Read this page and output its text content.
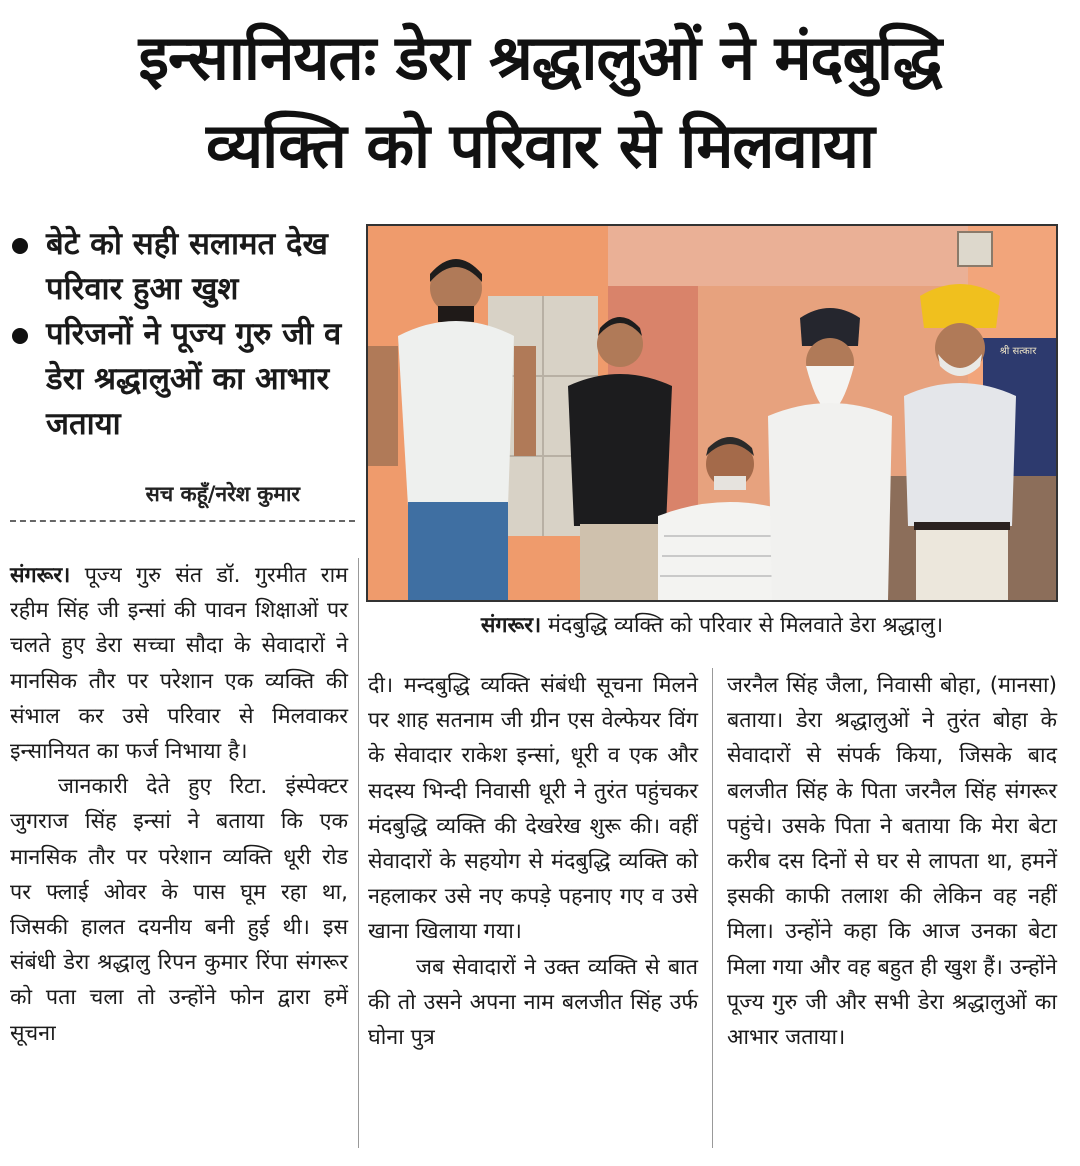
इन्सानियतः डेरा श्रद्धालुओं ने मंदबुद्धि
व्यक्ति को परिवार से मिलवाया
बेटे को सही सलामत देख परिवार हुआ खुश
परिजनों ने पूज्य गुरु जी व डेरा श्रद्धालुओं का आभार जताया
सच कहूँ/नरेश कुमार
श्री सत्कार
संगरूर। मंदबुद्धि व्यक्ति को परिवार से मिलवाते डेरा श्रद्धालु।

संगरूर। पूज्य गुरु संत डॉ. गुरमीत राम रहीम सिंह जी इन्सां की पावन शिक्षाओं पर चलते हुए डेरा सच्चा सौदा के सेवादारों ने मानसिक तौर पर परेशान एक व्यक्ति की संभाल कर उसे परिवार से मिलवाकर इन्सानियत का फर्ज निभाया है।

जानकारी देते हुए रिटा. इंस्पेक्टर जुगराज सिंह इन्सां ने बताया कि एक मानसिक तौर पर परेशान व्यक्ति धूरी रोड पर फ्लाई ओवर के पास घूम रहा था, जिसकी हालत दयनीय बनी हुई थी। इस संबंधी डेरा श्रद्धालु रिपन कुमार रिंपा संगरूर को पता चला तो उन्होंने फोन द्वारा हमें सूचना

दी। मन्दबुद्धि व्यक्ति संबंधी सूचना मिलने पर शाह सतनाम जी ग्रीन एस वेल्फेयर विंग के सेवादार राकेश इन्सां, धूरी व एक और सदस्य भिन्दी निवासी धूरी ने तुरंत पहुंचकर मंदबुद्धि व्यक्ति की देखरेख शुरू की। वहीं सेवादारों के सहयोग से मंदबुद्धि व्यक्ति को नहलाकर उसे नए कपड़े पहनाए गए व उसे खाना खिलाया गया।

जब सेवादारों ने उक्त व्यक्ति से बात की तो उसने अपना नाम बलजीत सिंह उर्फ घोना पुत्र

जरनैल सिंह जैला, निवासी बोहा, (मानसा) बताया। डेरा श्रद्धालुओं ने तुरंत बोहा के सेवादारों से संपर्क किया, जिसके बाद बलजीत सिंह के पिता जरनैल सिंह संगरूर पहुंचे। उसके पिता ने बताया कि मेरा बेटा करीब दस दिनों से घर से लापता था, हमनें इसकी काफी तलाश की लेकिन वह नहीं मिला। उन्होंने कहा कि आज उनका बेटा मिला गया और वह बहुत ही खुश हैं। उन्होंने पूज्य गुरु जी और सभी डेरा श्रद्धालुओं का आभार जताया।
